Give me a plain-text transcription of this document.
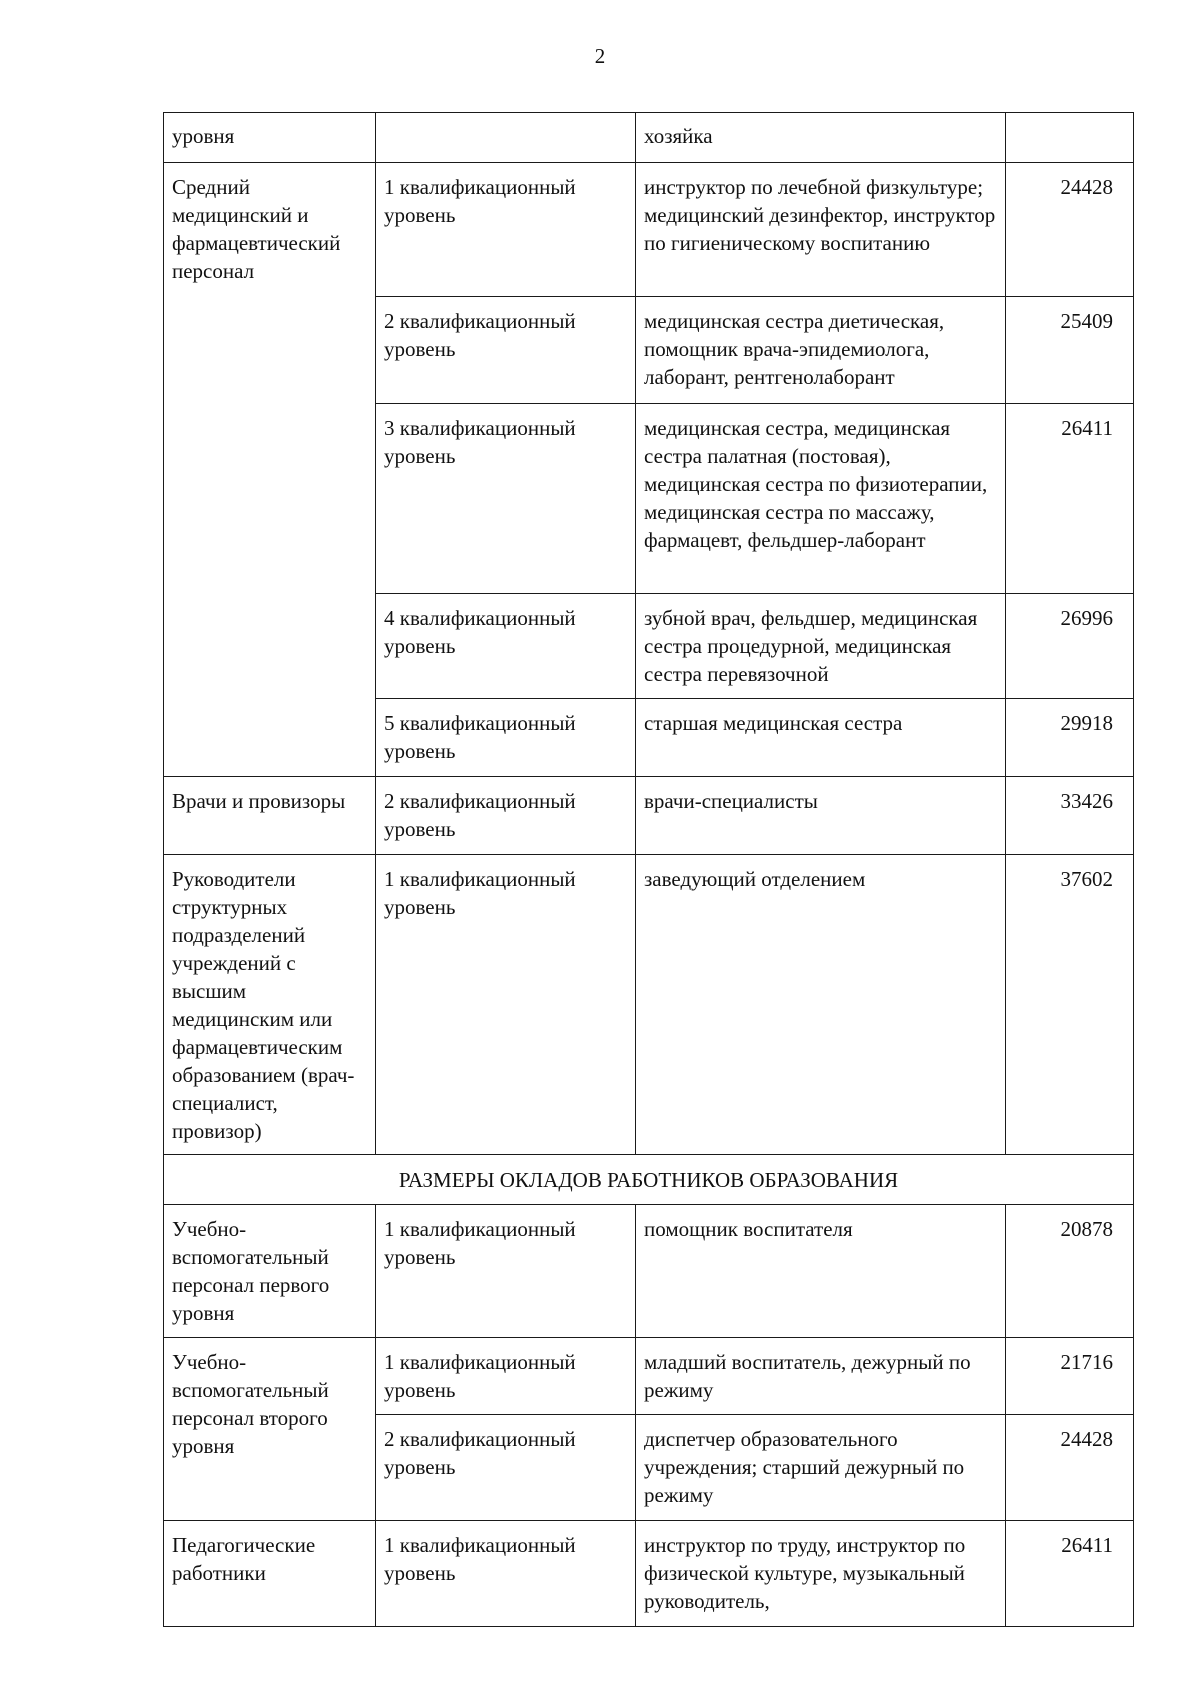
2
уровня		хозяйка	
Средний медицинский и фармацевтический персонал	1 квалификационный уровень	инструктор по лечебной физкультуре; медицинский дезинфектор, инструктор по гигиеническому воспитанию	24428
	2 квалификационный уровень	медицинская сестра диетическая, помощник врача-эпидемиолога, лаборант, рентгенолаборант	25409
	3 квалификационный уровень	медицинская сестра, медицинская сестра палатная (постовая), медицинская сестра по физиотерапии, медицинская сестра по массажу, фармацевт, фельдшер-лаборант	26411
	4 квалификационный уровень	зубной врач, фельдшер, медицинская сестра процедурной, медицинская сестра перевязочной	26996
	5 квалификационный уровень	старшая медицинская сестра	29918
Врачи и провизоры	2 квалификационный уровень	врачи-специалисты	33426
Руководители структурных подразделений учреждений с высшим медицинским или фармацевтическим образованием (врач-специалист, провизор)	1 квалификационный уровень	заведующий отделением	37602
РАЗМЕРЫ ОКЛАДОВ РАБОТНИКОВ ОБРАЗОВАНИЯ			
Учебно-вспомогательный персонал первого уровня	1 квалификационный уровень	помощник воспитателя	20878
Учебно-вспомогательный персонал второго уровня	1 квалификационный уровень	младший воспитатель, дежурный по режиму	21716
	2 квалификационный уровень	диспетчер образовательного учреждения; старший дежурный по режиму	24428
Педагогические работники	1 квалификационный уровень	инструктор по труду, инструктор по физической культуре, музыкальный руководитель,	26411
